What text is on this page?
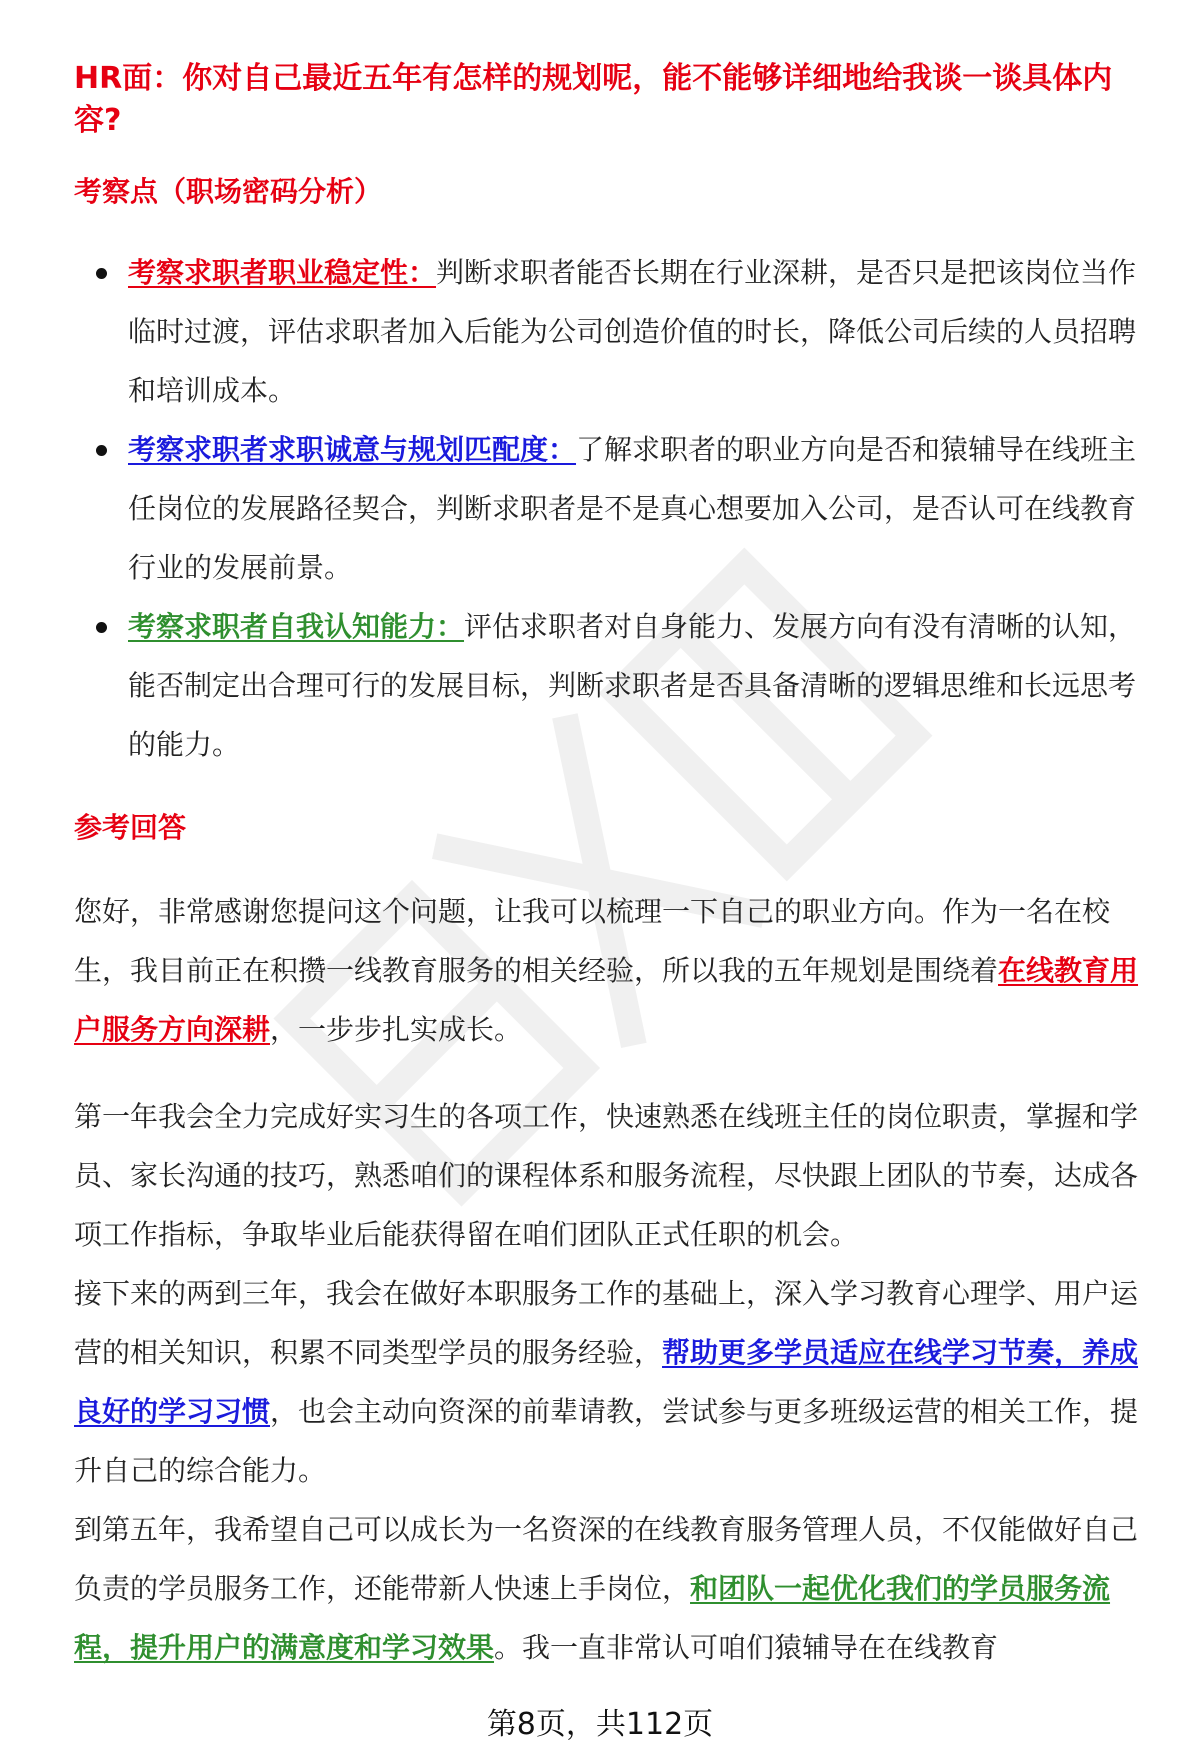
HR面：你对自己最近五年有怎样的规划呢，能不能够详细地给我谈一谈具体内容?
考察点（职场密码分析）
考察求职者职业稳定性：判断求职者能否长期在行业深耕，是否只是把该岗位当作临时过渡，评估求职者加入后能为公司创造价值的时长，降低公司后续的人员招聘和培训成本。
考察求职者求职诚意与规划匹配度：了解求职者的职业方向是否和猿辅导在线班主任岗位的发展路径契合，判断求职者是不是真心想要加入公司，是否认可在线教育行业的发展前景。
考察求职者自我认知能力：评估求职者对自身能力、发展方向有没有清晰的认知，能否制定出合理可行的发展目标，判断求职者是否具备清晰的逻辑思维和长远思考的能力。
参考回答

您好，非常感谢您提问这个问题，让我可以梳理一下自己的职业方向。作为一名在校生，我目前正在积攒一线教育服务的相关经验，所以我的五年规划是围绕着在线教育用户服务方向深耕，一步步扎实成长。

第一年我会全力完成好实习生的各项工作，快速熟悉在线班主任的岗位职责，掌握和学员、家长沟通的技巧，熟悉咱们的课程体系和服务流程，尽快跟上团队的节奏，达成各项工作指标，争取毕业后能获得留在咱们团队正式任职的机会。

接下来的两到三年，我会在做好本职服务工作的基础上，深入学习教育心理学、用户运营的相关知识，积累不同类型学员的服务经验，帮助更多学员适应在线学习节奏，养成良好的学习习惯，也会主动向资深的前辈请教，尝试参与更多班级运营的相关工作，提升自己的综合能力。

到第五年，我希望自己可以成长为一名资深的在线教育服务管理人员，不仅能做好自己负责的学员服务工作，还能带新人快速上手岗位，和团队一起优化我们的学员服务流程，提升用户的满意度和学习效果。我一直非常认可咱们猿辅导在在线教育

第8页，共112页
